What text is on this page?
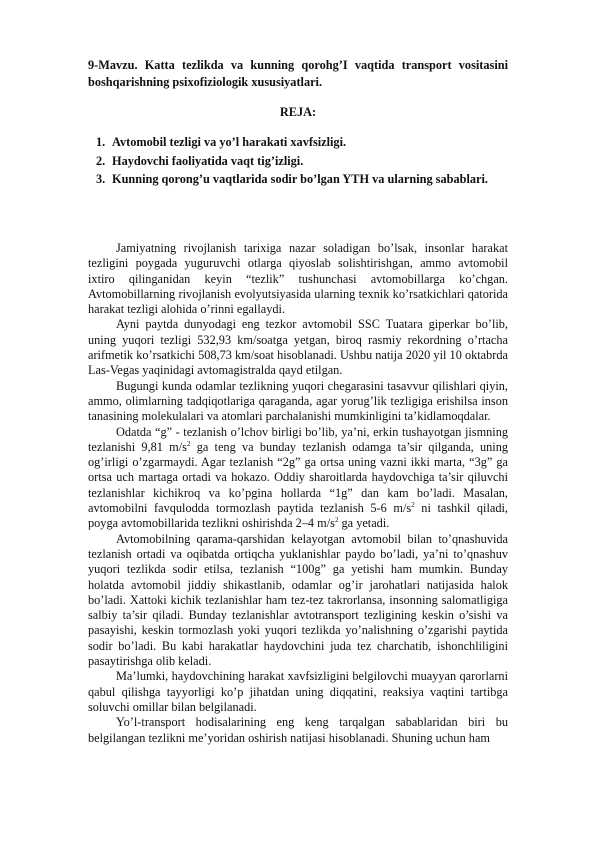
9-Mavzu. Katta tezlikda va kunning qorohg’I vaqtida transport vositasini boshqarishning psixofiziologik xususiyatlari.
REJA:
1. Avtomobil tezligi va yo’l harakati xavfsizligi.
2. Haydovchi faoliyatida vaqt tig’izligi.
3. Kunning qorong’u vaqtlarida sodir bo’lgan YTH va ularning sabablari.

Jamiyatning rivojlanish tarixiga nazar soladigan bo’lsak, insonlar harakat tezligini poygada yuguruvchi otlarga qiyoslab solishtirishgan, ammo avtomobil ixtiro qilinganidan keyin “tezlik” tushunchasi avtomobillarga ko’chgan. Avtomobillarning rivojlanish evolyutsiyasida ularning texnik ko’rsatkichlari qatorida harakat tezligi alohida o’rinni egallaydi.

Ayni paytda dunyodagi eng tezkor avtomobil SSC Tuatara giperkar bo’lib, uning yuqori tezligi 532,93 km/soatga yetgan, biroq rasmiy rekordning o’rtacha arifmetik ko’rsatkichi 508,73 km/soat hisoblanadi. Ushbu natija 2020 yil 10 oktabrda Las-Vegas yaqinidagi avtomagistralda qayd etilgan.

Bugungi kunda odamlar tezlikning yuqori chegarasini tasavvur qilishlari qiyin, ammo, olimlarning tadqiqotlariga qaraganda, agar yorug’lik tezligiga erishilsa inson tanasining molekulalari va atomlari parchalanishi mumkinligini ta’kidlamoqdalar.

Odatda “g” - tezlanish o’lchov birligi bo’lib, ya’ni, erkin tushayotgan jismning tezlanishi 9,81 $m/s^2$ ga teng va bunday tezlanish odamga ta’sir qilganda, uning og’irligi o’zgarmaydi. Agar tezlanish “2g” ga ortsa uning vazni ikki marta, “3g” ga ortsa uch martaga ortadi va hokazo. Oddiy sharoitlarda haydovchiga ta’sir qiluvchi tezlanishlar kichikroq va ko’pgina hollarda “1g” dan kam bo’ladi. Masalan, avtomobilni favqulodda tormozlash paytida tezlanish 5-6 $m/s^2$ ni tashkil qiladi, poyga avtomobillarida tezlikni oshirishda 2–4 $m/s^2$ ga yetadi.

Avtomobilning qarama-qarshidan kelayotgan avtomobil bilan to’qnashuvida tezlanish ortadi va oqibatda ortiqcha yuklanishlar paydo bo’ladi, ya’ni to’qnashuv yuqori tezlikda sodir etilsa, tezlanish “100g” ga yetishi ham mumkin. Bunday holatda avtomobil jiddiy shikastlanib, odamlar og’ir jarohatlari natijasida halok bo’ladi. Xattoki kichik tezlanishlar ham tez-tez takrorlansa, insonning salomatligiga salbiy ta’sir qiladi. Bunday tezlanishlar avtotransport tezligining keskin o’sishi va pasayishi, keskin tormozlash yoki yuqori tezlikda yo’nalishning o’zgarishi paytida sodir bo’ladi. Bu kabi harakatlar haydovchini juda tez charchatib, ishonchliligini pasaytirishga olib keladi.

Ma’lumki, haydovchining harakat xavfsizligini belgilovchi muayyan qarorlarni qabul qilishga tayyorligi ko’p jihatdan uning diqqatini, reaksiya vaqtini tartibga soluvchi omillar bilan belgilanadi.

Yo’l-transport hodisalarining eng keng tarqalgan sabablaridan biri bu belgilangan tezlikni me’yoridan oshirish natijasi hisoblanadi. Shuning uchun ham
